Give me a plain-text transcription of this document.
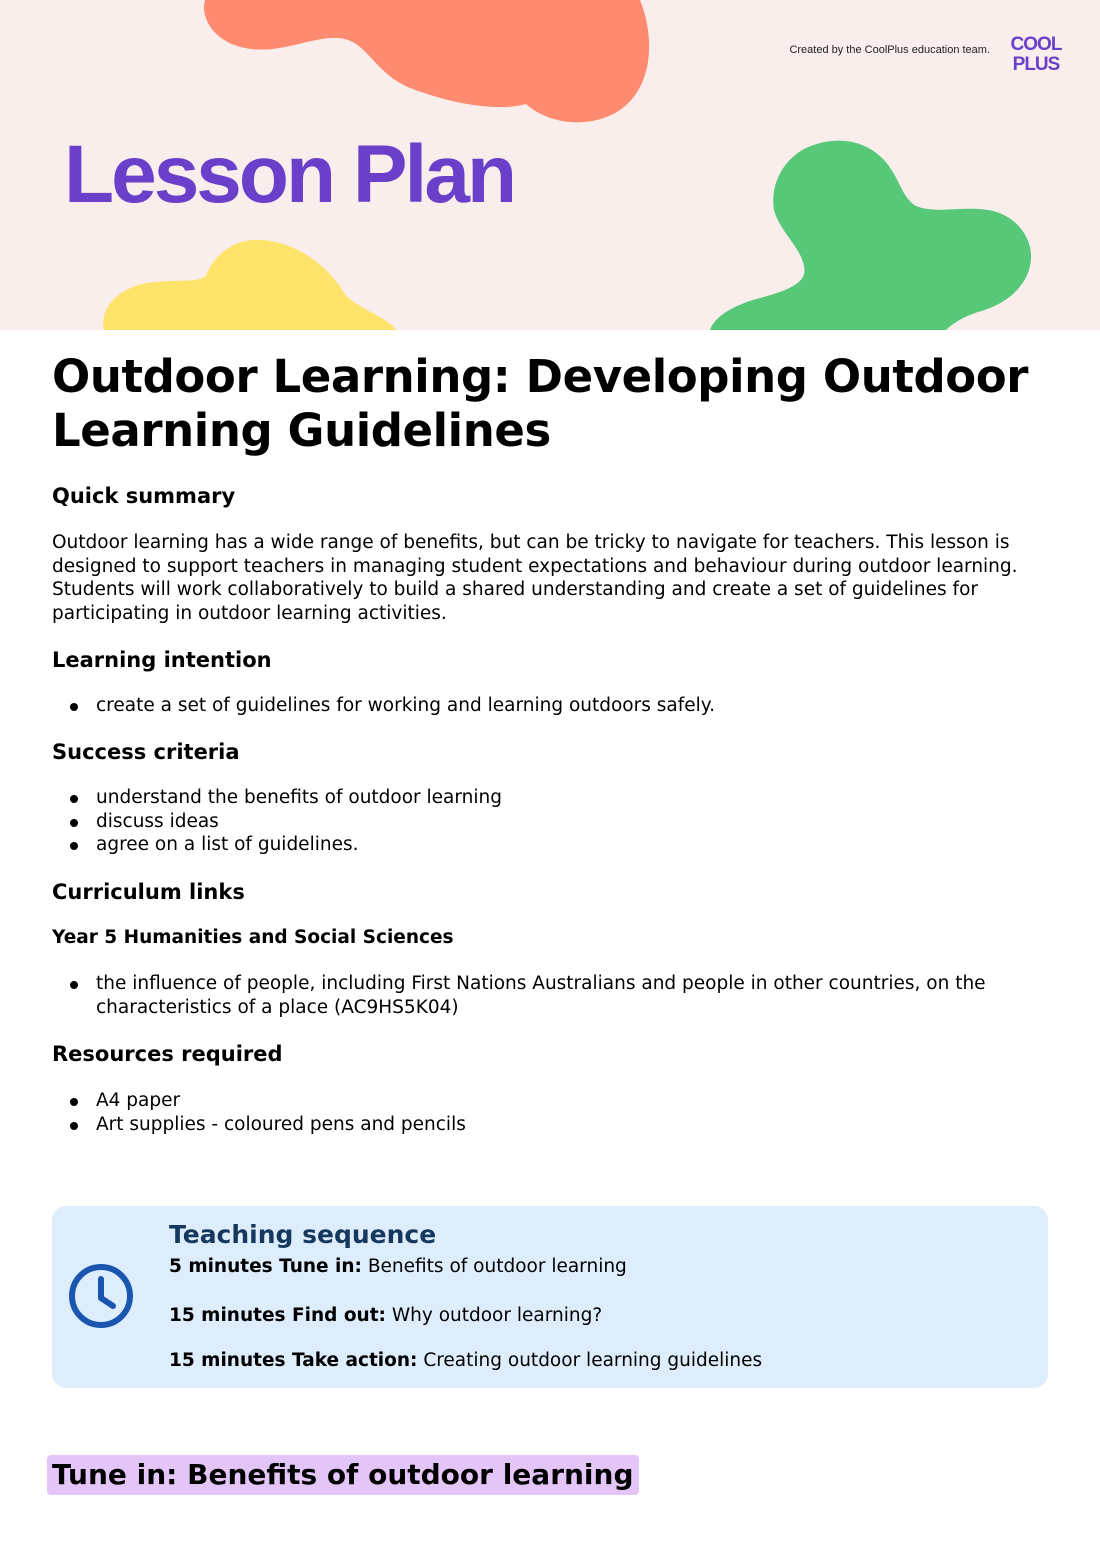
Created by the CoolPlus education team. COOL
PLUS
Lesson Plan
Outdoor Learning: Developing Outdoor Learning Guidelines
Quick summary

Outdoor learning has a wide range of benefits, but can be tricky to navigate for teachers. This lesson is designed to support teachers in managing student expectations and behaviour during outdoor learning. Students will work collaboratively to build a shared understanding and create a set of guidelines for participating in outdoor learning activities.

Learning intention
create a set of guidelines for working and learning outdoors safely.
Success criteria
understand the benefits of outdoor learning
discuss ideas
agree on a list of guidelines.
Curriculum links
Year 5 Humanities and Social Sciences
the influence of people, including First Nations Australians and people in other countries, on the characteristics of a place (AC9HS5K04)
Resources required
A4 paper
Art supplies - coloured pens and pencils
Teaching sequence
5 minutes Tune in: Benefits of outdoor learning
15 minutes Find out: Why outdoor learning?
15 minutes Take action: Creating outdoor learning guidelines
Tune in: Benefits of outdoor learning
